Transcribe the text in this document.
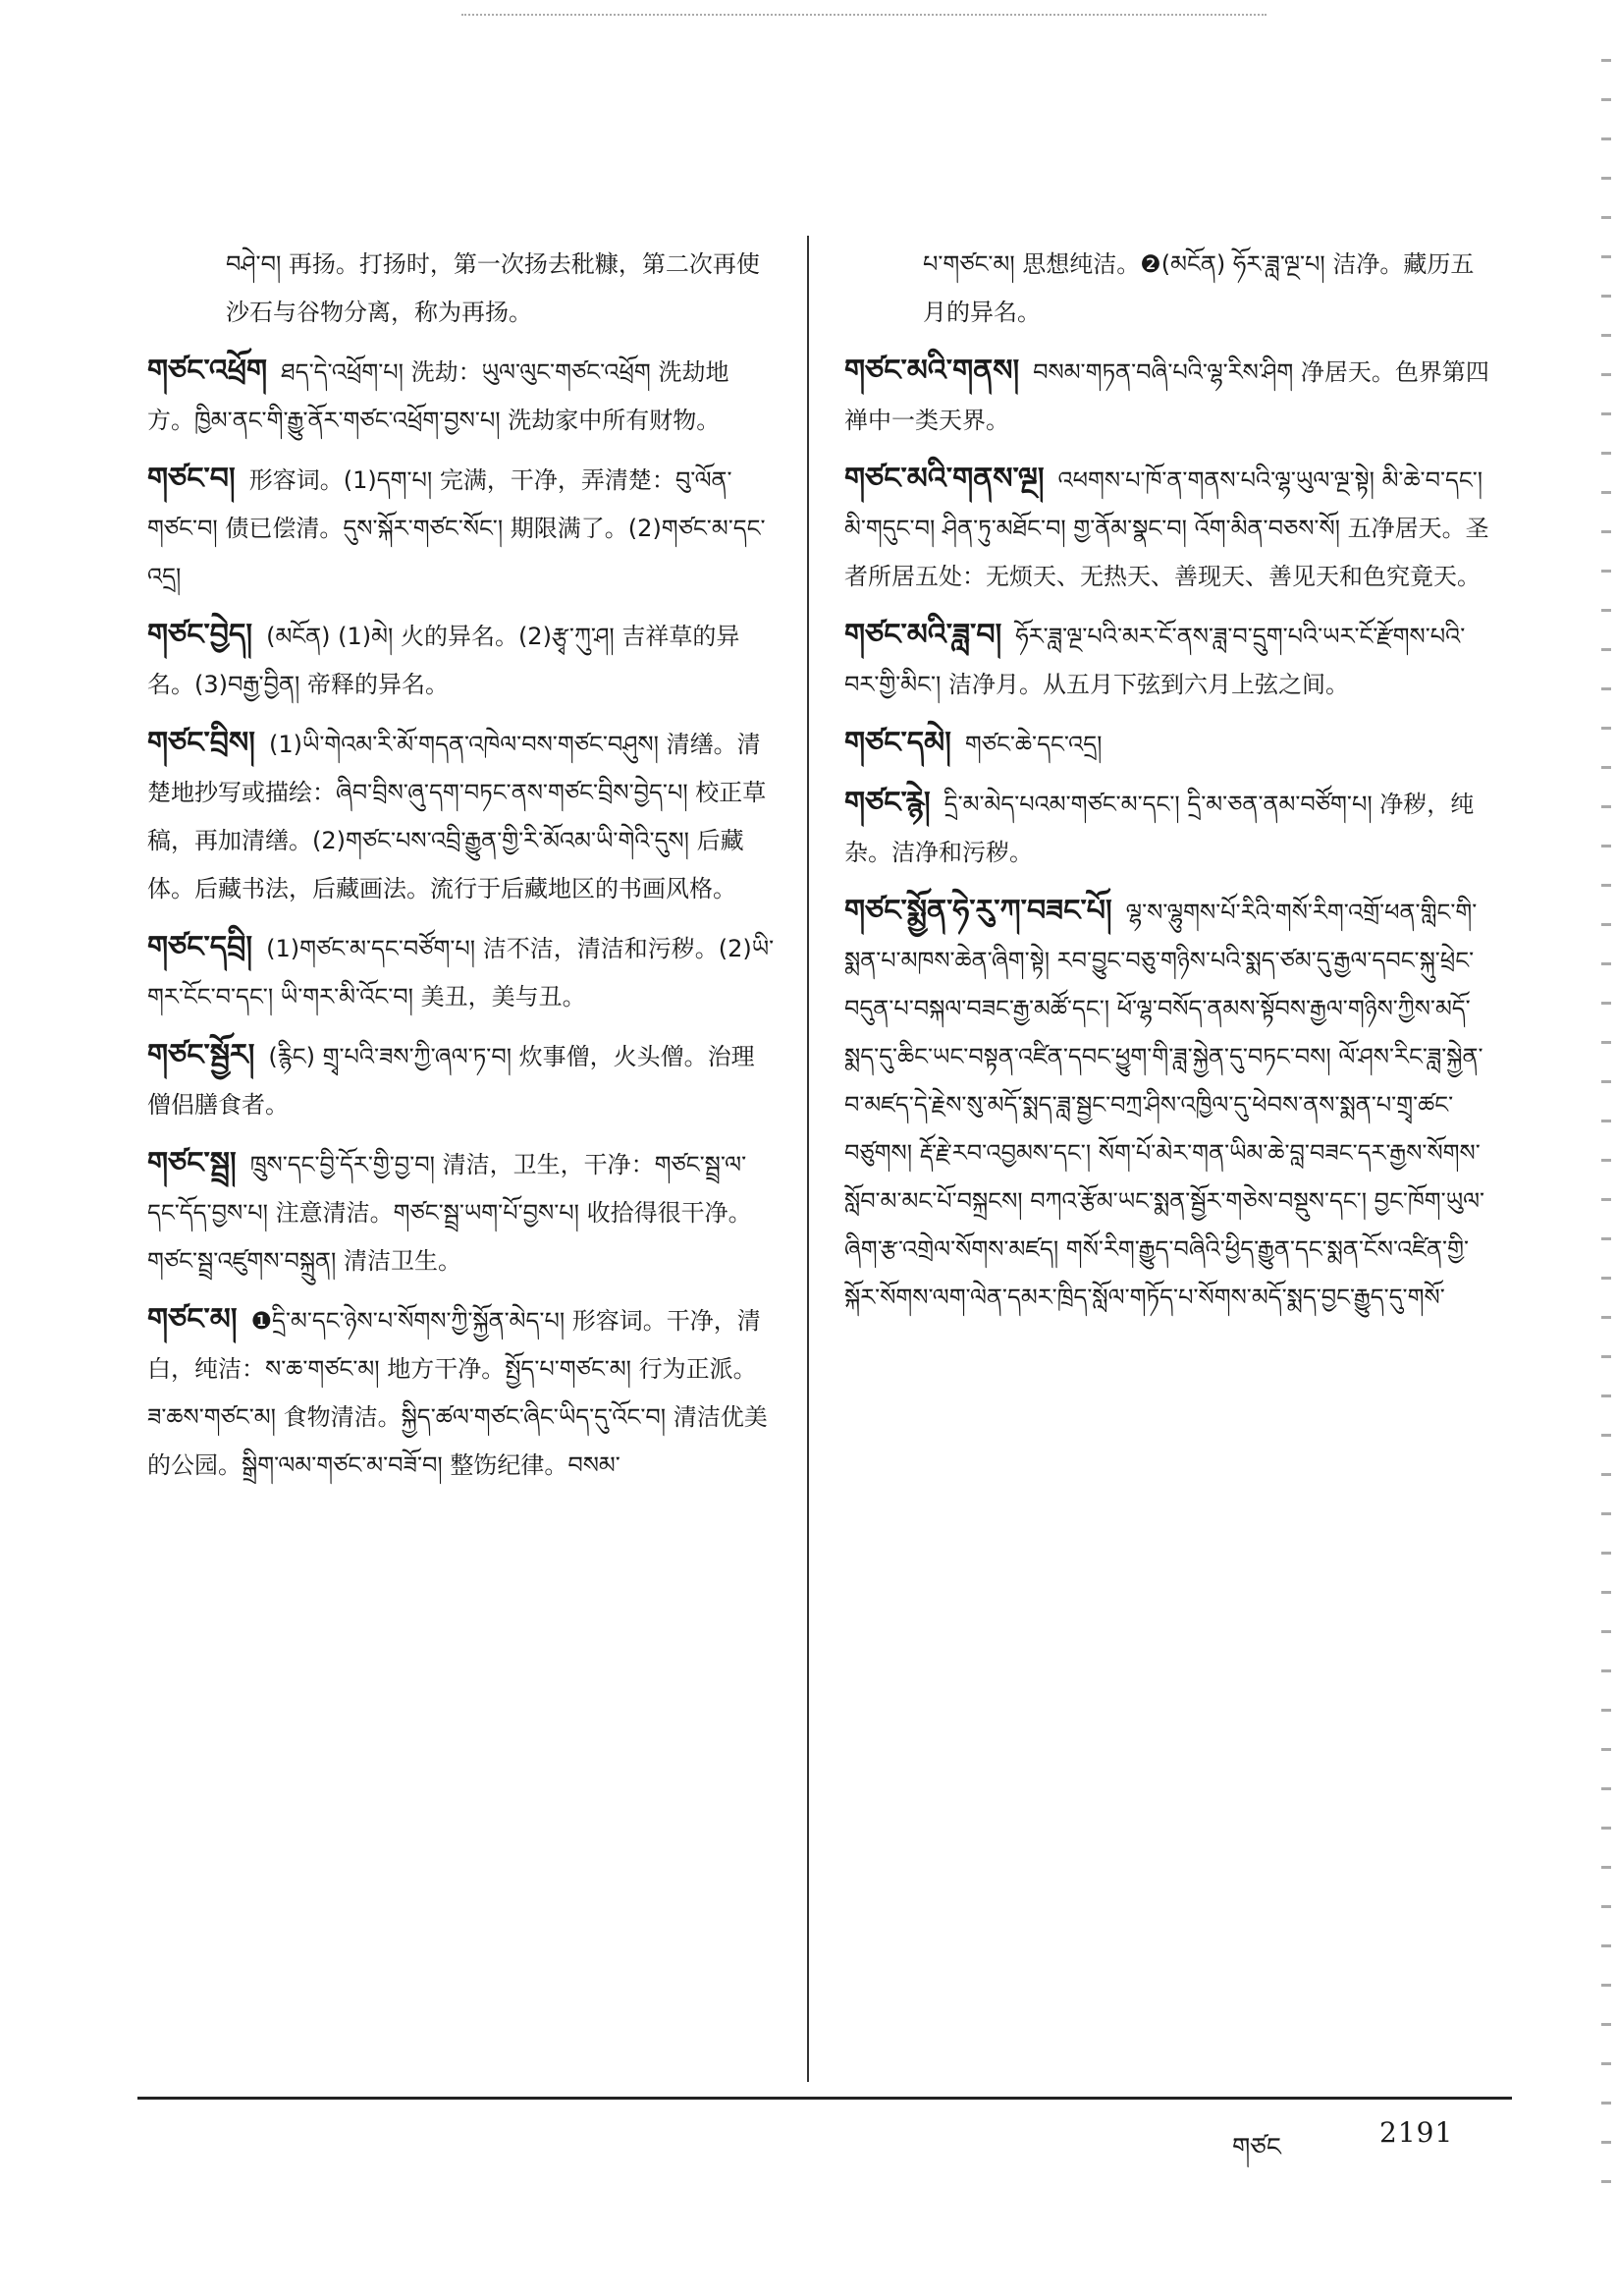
བཤེ་བ། 再扬。打扬时，第一次扬去秕糠，第二次再使沙石与谷物分离，称为再扬。
གཙང་འཕྲོག ཐད་དེ་འཕྲོག་པ། 洗劫：ཡུལ་ལུང་གཙང་འཕྲོག 洗劫地方。ཁྱིམ་ནང་གི་རྒྱུ་ནོར་གཙང་འཕྲོག་བྱས་པ། 洗劫家中所有财物。
གཙང་བ། 形容词。(1)དག་པ། 完满，干净，弄清楚：བུ་ལོན་གཙང་བ། 债已偿清。དུས་སྐོར་གཙང་སོང་། 期限满了。(2)གཙང་མ་དང་འདྲ།
གཙང་བྱེད། (མངོན) (1)མེ། 火的异名。(2)རྩྭ་ཀུ་ཤ། 吉祥草的异名。(3)བརྒྱ་བྱིན། 帝释的异名。
གཙང་བྲིས། (1)ཡི་གེའམ་རི་མོ་གདན་འཁེལ་བས་གཙང་བཤུས། 清缮。清楚地抄写或描绘：ཞིབ་བྲིས་ཞུ་དག་བཏང་ནས་གཙང་བྲིས་བྱེད་པ། 校正草稿，再加清缮。(2)གཙང་པས་འབྲི་རྒྱུན་གྱི་རི་མོའམ་ཡི་གེའི་དུས། 后藏体。后藏书法，后藏画法。流行于后藏地区的书画风格。
གཙང་དབྲི། (1)གཙང་མ་དང་བཙོག་པ། 洁不洁，清洁和污秽。(2)ཡི་གར་ངོང་བ་དང་། ཡི་གར་མི་འོང་བ། 美丑，美与丑。
གཙང་སྦྱོར། (རྙིང) གྲྭ་པའི་ཟས་ཀྱི་ཞལ་ཏ་བ། 炊事僧，火头僧。治理僧侣膳食者。
གཙང་སྦྲ། ཁྲུས་དང་བྱི་དོར་གྱི་བྱ་བ། 清洁，卫生，干净：གཙང་སྦྲ་ལ་དང་དོད་བྱས་པ། 注意清洁。གཙང་སྦྲ་ཡག་པོ་བྱས་པ། 收拾得很干净。གཙང་སྦྲ་འཛུགས་བསྐྲུན། 清洁卫生。
གཙང་མ། ❶དྲི་མ་དང་ཉེས་པ་སོགས་ཀྱི་སྐྱོན་མེད་པ། 形容词。干净，清白，纯洁：ས་ཆ་གཙང་མ། 地方干净。སྤྱོད་པ་གཙང་མ། 行为正派。ཟ་ཆས་གཙང་མ། 食物清洁。སྐྱིད་ཚལ་གཙང་ཞིང་ཡིད་དུ་འོང་བ། 清洁优美的公园。སྒྲིག་ལམ་གཙང་མ་བཟོ་བ། 整饬纪律。བསམ་
པ་གཙང་མ། 思想纯洁。❷(མངོན) ཧོར་ཟླ་ལྔ་པ། 洁净。藏历五月的异名。
གཙང་མའི་གནས། བསམ་གཏན་བཞི་པའི་ལྷ་རིས་ཤིག 净居天。色界第四禅中一类天界。
གཙང་མའི་གནས་ལྔ། འཕགས་པ་ཁོ་ན་གནས་པའི་ལྷ་ཡུལ་ལྔ་སྟེ། མི་ཆེ་བ་དང་། མི་གདུང་བ། ཤིན་ཏུ་མཐོང་བ། གྱ་ནོམ་སྣང་བ། འོག་མིན་བཅས་སོ། 五净居天。圣者所居五处：无烦天、无热天、善现天、善见天和色究竟天。
གཙང་མའི་ཟླ་བ། ཧོར་ཟླ་ལྔ་པའི་མར་ངོ་ནས་ཟླ་བ་དྲུག་པའི་ཡར་ངོ་རྫོགས་པའི་བར་གྱི་མིང་། 洁净月。从五月下弦到六月上弦之间。
གཙང་དམེ། གཙང་ཆེ་དང་འདྲ།
གཙང་རྙེ། དྲི་མ་མེད་པའམ་གཙང་མ་དང་། དྲི་མ་ཅན་ནམ་བཙོག་པ། 净秽，纯杂。洁净和污秽。
གཙང་སྨྱོན་ཧེ་རུ་ཀ་བཟང་པོ། ལྷ་ས་ལྷུགས་པོ་རིའི་གསོ་རིག་འགྲོ་ཕན་གླིང་གི་སྨན་པ་མཁས་ཆེན་ཞིག་སྟེ། རབ་བྱུང་བཅུ་གཉིས་པའི་སྨད་ཙམ་དུ་རྒྱལ་དབང་སྐུ་ཕྲེང་བདུན་པ་བསྐལ་བཟང་རྒྱ་མཚོ་དང་། ཕོ་ལྷ་བསོད་ནམས་སྟོབས་རྒྱལ་གཉིས་ཀྱིས་མདོ་སྨད་དུ་ཆིང་ཡང་བསྟན་འཛིན་དབང་ཕྱུག་གི་ཟླ་སྐྱེན་དུ་བཏང་བས། ལོ་ཤས་རིང་ཟླ་སྐྱེན་བ་མཛད་དེ་རྗེས་སུ་མདོ་སྨད་ཟླ་སྦྱང་བཀྲ་ཤིས་འཁྱིལ་དུ་ཕེབས་ནས་སྨན་པ་གྲྭ་ཚང་བཙུགས། རྡོ་རྗེ་རབ་འབྱམས་དང་། སོག་པོ་མེར་གན་ཡིམ་ཆེ་བླ་བཟང་དར་རྒྱས་སོགས་སློབ་མ་མང་པོ་བསྐྲངས། བཀའ་རྩོམ་ཡང་སྨན་སྦྱོར་གཅེས་བསྡུས་དང་། བྱང་ཁོག་ཡུལ་ཞིག་རྩ་འགྲེལ་སོགས་མཛད། གསོ་རིག་རྒྱུད་བཞིའི་ཕྱིད་རྒྱུན་དང་སྨན་ངོས་འཛིན་གྱི་སྐོར་སོགས་ལག་ལེན་དམར་ཁྲིད་སློལ་གཏོད་པ་སོགས་མདོ་སྨད་བྱང་རྒྱུད་དུ་གསོ་
གཙང	2191
